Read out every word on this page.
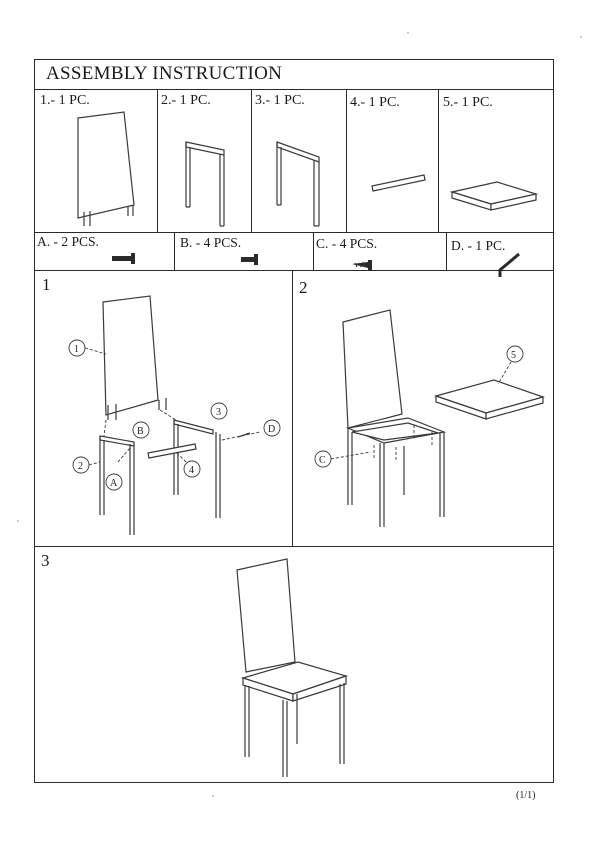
ASSEMBLY INSTRUCTION
1.- 1 PC.	2.- 1 PC.	3.- 1 PC.	4.- 1 PC.	5.- 1 PC.
A. - 2 PCS.	B. - 4 PCS.	C. - 4 PCS.	D. - 1 PC.
1	2
3
1
B
3
D
2
A
4
5
C
(1/1)
